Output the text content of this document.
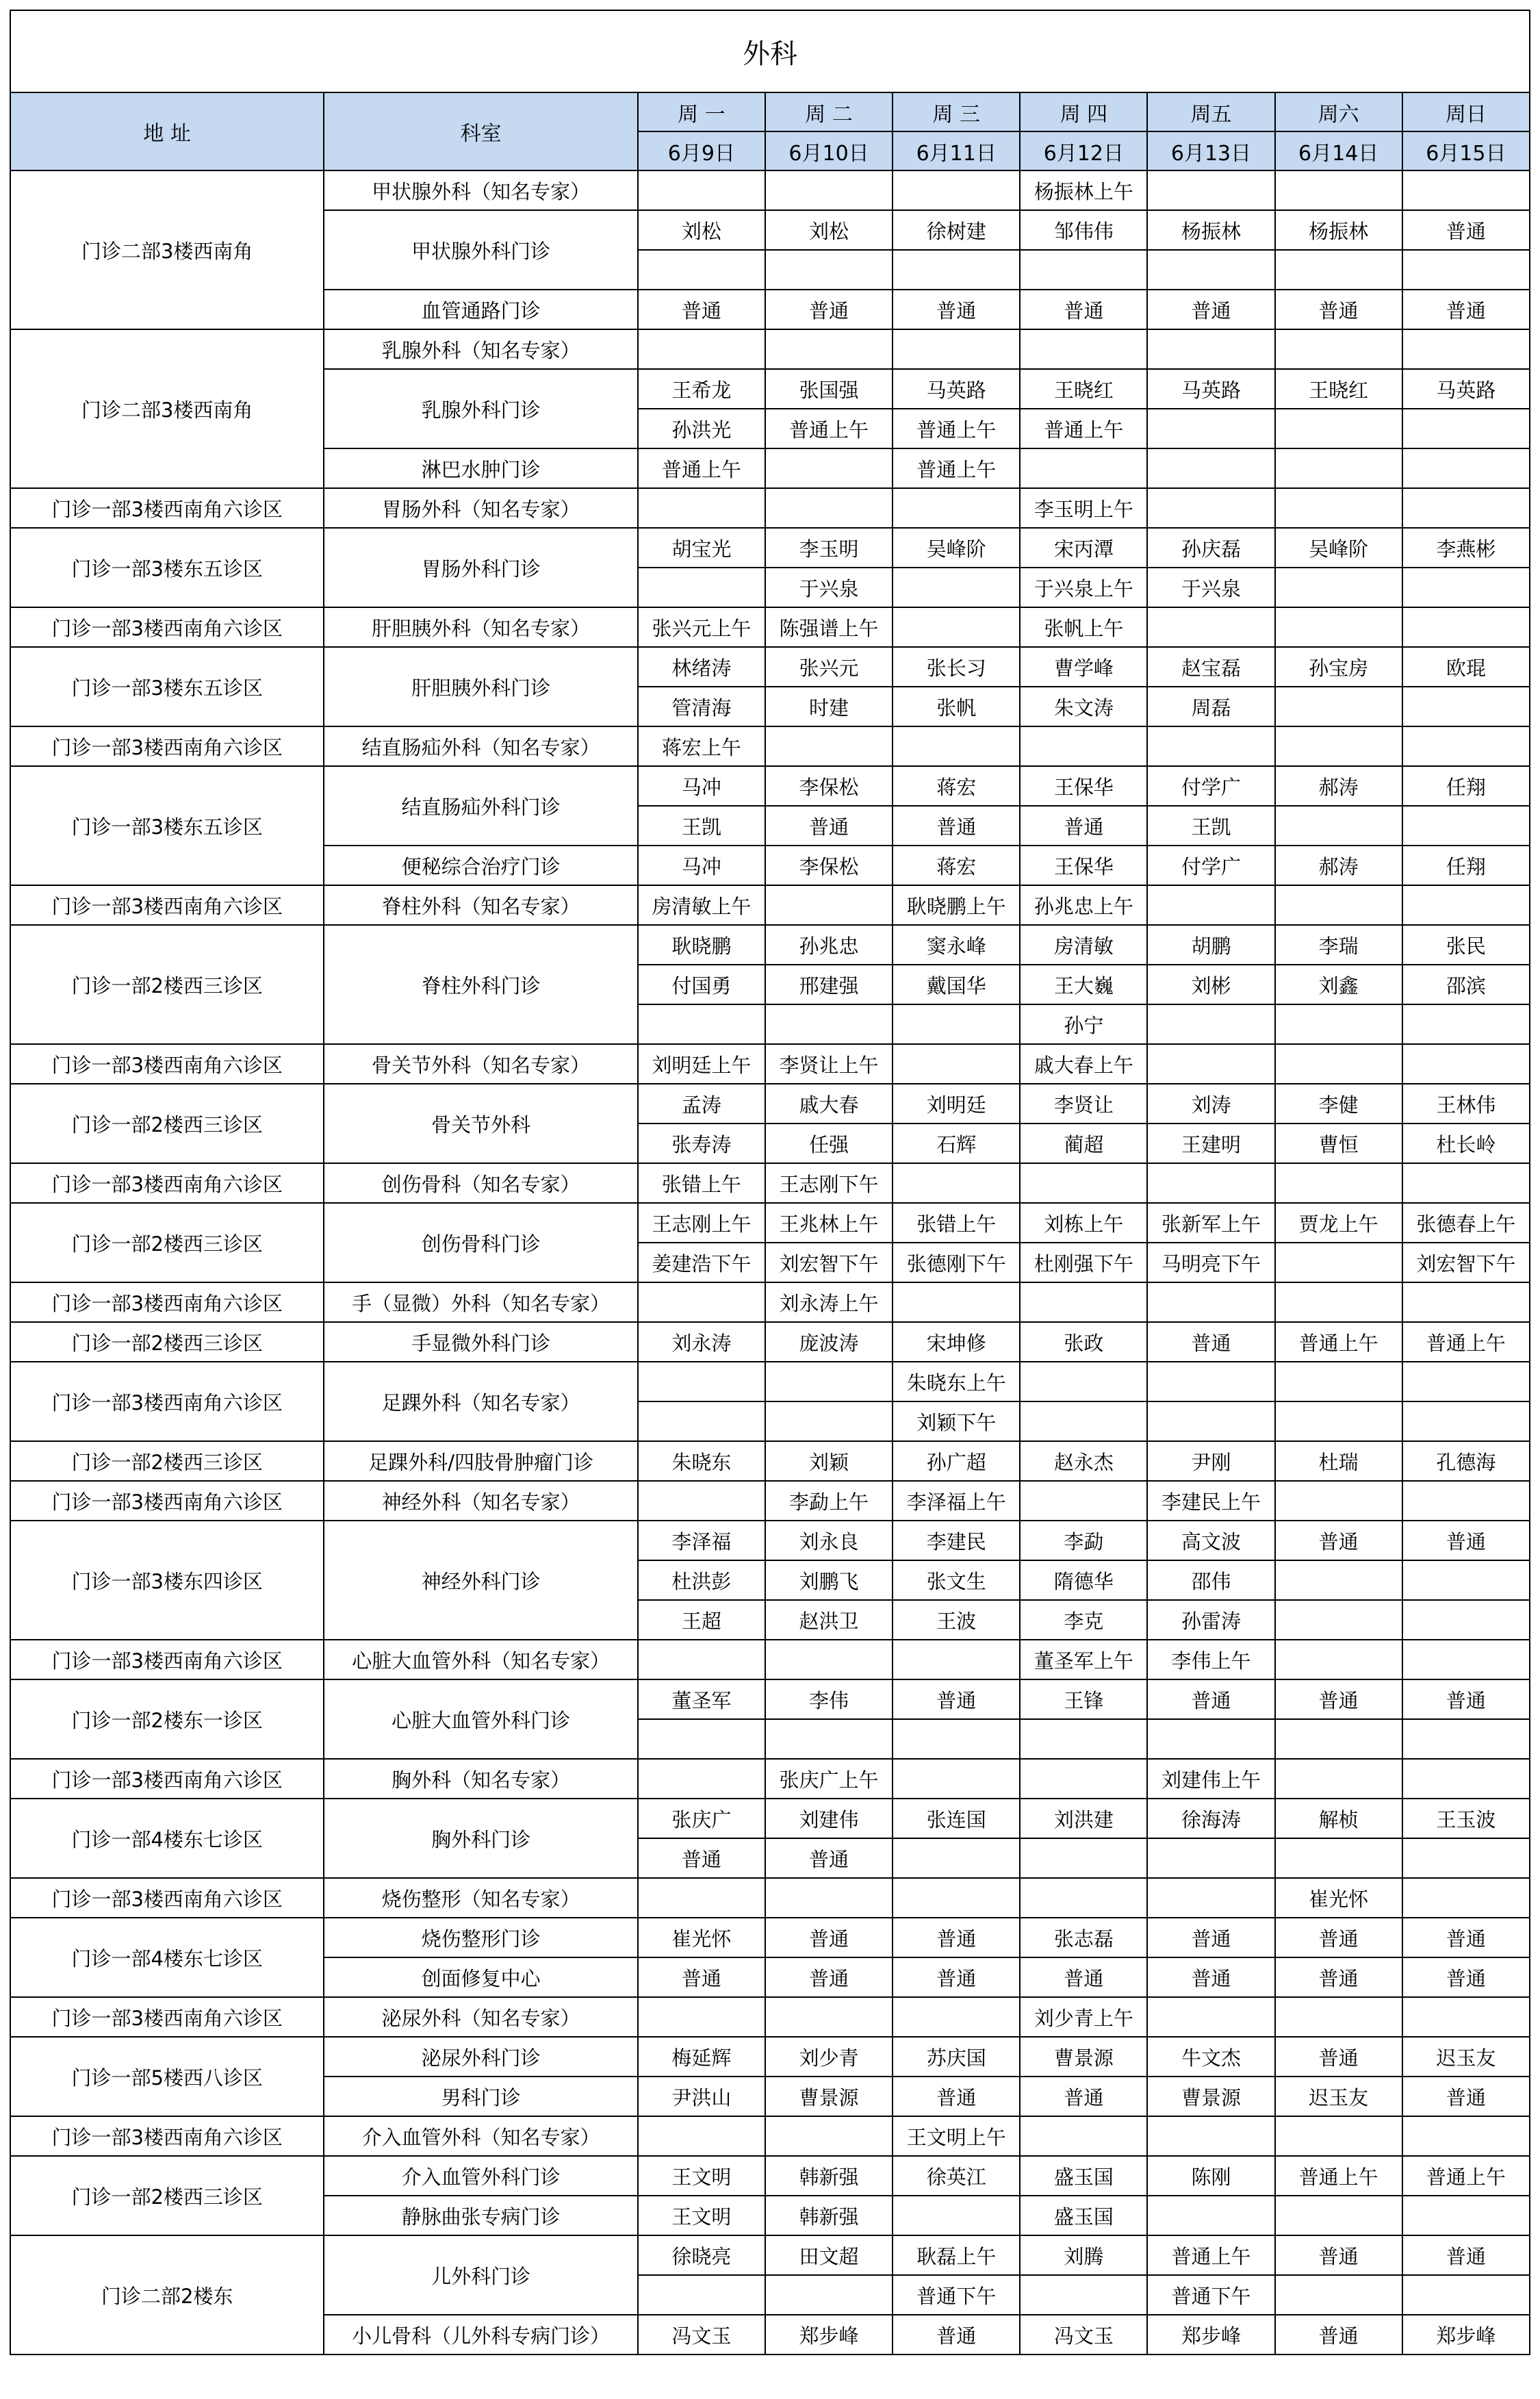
外科
地 址	科室	周 一	周 二	周 三	周 四	周五	周六	周日
		6月9日	6月10日	6月11日	6月12日	6月13日	6月14日	6月15日
门诊二部3楼西南角	甲状腺外科（知名专家）				杨振林上午			
	甲状腺外科门诊	刘松	刘松	徐树建	邹伟伟	杨振林	杨振林	普通

	血管通路门诊	普通	普通	普通	普通	普通	普通	普通
门诊二部3楼西南角	乳腺外科（知名专家）							
	乳腺外科门诊	王希龙	张国强	马英路	王晓红	马英路	王晓红	马英路
		孙洪光	普通上午	普通上午	普通上午			
	淋巴水肿门诊	普通上午		普通上午				
门诊一部3楼西南角六诊区	胃肠外科（知名专家）				李玉明上午			
门诊一部3楼东五诊区	胃肠外科门诊	胡宝光	李玉明	吴峰阶	宋丙潭	孙庆磊	吴峰阶	李燕彬
			于兴泉		于兴泉上午	于兴泉		
门诊一部3楼西南角六诊区	肝胆胰外科（知名专家）	张兴元上午	陈强谱上午		张帆上午			
门诊一部3楼东五诊区	肝胆胰外科门诊	林绪涛	张兴元	张长习	曹学峰	赵宝磊	孙宝房	欧琨
		管清海	时建	张帆	朱文涛	周磊		
门诊一部3楼西南角六诊区	结直肠疝外科（知名专家）	蒋宏上午						
门诊一部3楼东五诊区	结直肠疝外科门诊	马冲	李保松	蒋宏	王保华	付学广	郝涛	任翔
		王凯	普通	普通	普通	王凯		
	便秘综合治疗门诊	马冲	李保松	蒋宏	王保华	付学广	郝涛	任翔
门诊一部3楼西南角六诊区	脊柱外科（知名专家）	房清敏上午		耿晓鹏上午	孙兆忠上午			
门诊一部2楼西三诊区	脊柱外科门诊	耿晓鹏	孙兆忠	窦永峰	房清敏	胡鹏	李瑞	张民
		付国勇	邢建强	戴国华	王大巍	刘彬	刘鑫	邵滨
					孙宁			
门诊一部3楼西南角六诊区	骨关节外科（知名专家）	刘明廷上午	李贤让上午		戚大春上午			
门诊一部2楼西三诊区	骨关节外科	孟涛	戚大春	刘明廷	李贤让	刘涛	李健	王林伟
		张寿涛	任强	石辉	蔺超	王建明	曹恒	杜长岭
门诊一部3楼西南角六诊区	创伤骨科（知名专家）	张错上午	王志刚下午					
门诊一部2楼西三诊区	创伤骨科门诊	王志刚上午	王兆林上午	张错上午	刘栋上午	张新军上午	贾龙上午	张德春上午
		姜建浩下午	刘宏智下午	张德刚下午	杜刚强下午	马明亮下午		刘宏智下午
门诊一部3楼西南角六诊区	手（显微）外科（知名专家）		刘永涛上午					
门诊一部2楼西三诊区	手显微外科门诊	刘永涛	庞波涛	宋坤修	张政	普通	普通上午	普通上午
门诊一部3楼西南角六诊区	足踝外科（知名专家）			朱晓东上午				
				刘颖下午				
门诊一部2楼西三诊区	足踝外科/四肢骨肿瘤门诊	朱晓东	刘颖	孙广超	赵永杰	尹刚	杜瑞	孔德海
门诊一部3楼西南角六诊区	神经外科（知名专家）		李勐上午	李泽福上午		李建民上午		
门诊一部3楼东四诊区	神经外科门诊	李泽福	刘永良	李建民	李勐	高文波	普通	普通
		杜洪彭	刘鹏飞	张文生	隋德华	邵伟		
		王超	赵洪卫	王波	李克	孙雷涛		
门诊一部3楼西南角六诊区	心脏大血管外科（知名专家）				董圣军上午	李伟上午		
门诊一部2楼东一诊区	心脏大血管外科门诊	董圣军	李伟	普通	王锋	普通	普通	普通

门诊一部3楼西南角六诊区	胸外科（知名专家）		张庆广上午			刘建伟上午		
门诊一部4楼东七诊区	胸外科门诊	张庆广	刘建伟	张连国	刘洪建	徐海涛	解桢	王玉波
		普通	普通					
门诊一部3楼西南角六诊区	烧伤整形（知名专家）						崔光怀	
门诊一部4楼东七诊区	烧伤整形门诊	崔光怀	普通	普通	张志磊	普通	普通	普通
	创面修复中心	普通	普通	普通	普通	普通	普通	普通
门诊一部3楼西南角六诊区	泌尿外科（知名专家）				刘少青上午			
门诊一部5楼西八诊区	泌尿外科门诊	梅延辉	刘少青	苏庆国	曹景源	牛文杰	普通	迟玉友
	男科门诊	尹洪山	曹景源	普通	普通	曹景源	迟玉友	普通
门诊一部3楼西南角六诊区	介入血管外科（知名专家）			王文明上午				
门诊一部2楼西三诊区	介入血管外科门诊	王文明	韩新强	徐英江	盛玉国	陈刚	普通上午	普通上午
	静脉曲张专病门诊	王文明	韩新强		盛玉国			
门诊二部2楼东	儿外科门诊	徐晓亮	田文超	耿磊上午	刘腾	普通上午	普通	普通
				普通下午		普通下午		
	小儿骨科（儿外科专病门诊）	冯文玉	郑步峰	普通	冯文玉	郑步峰	普通	郑步峰
